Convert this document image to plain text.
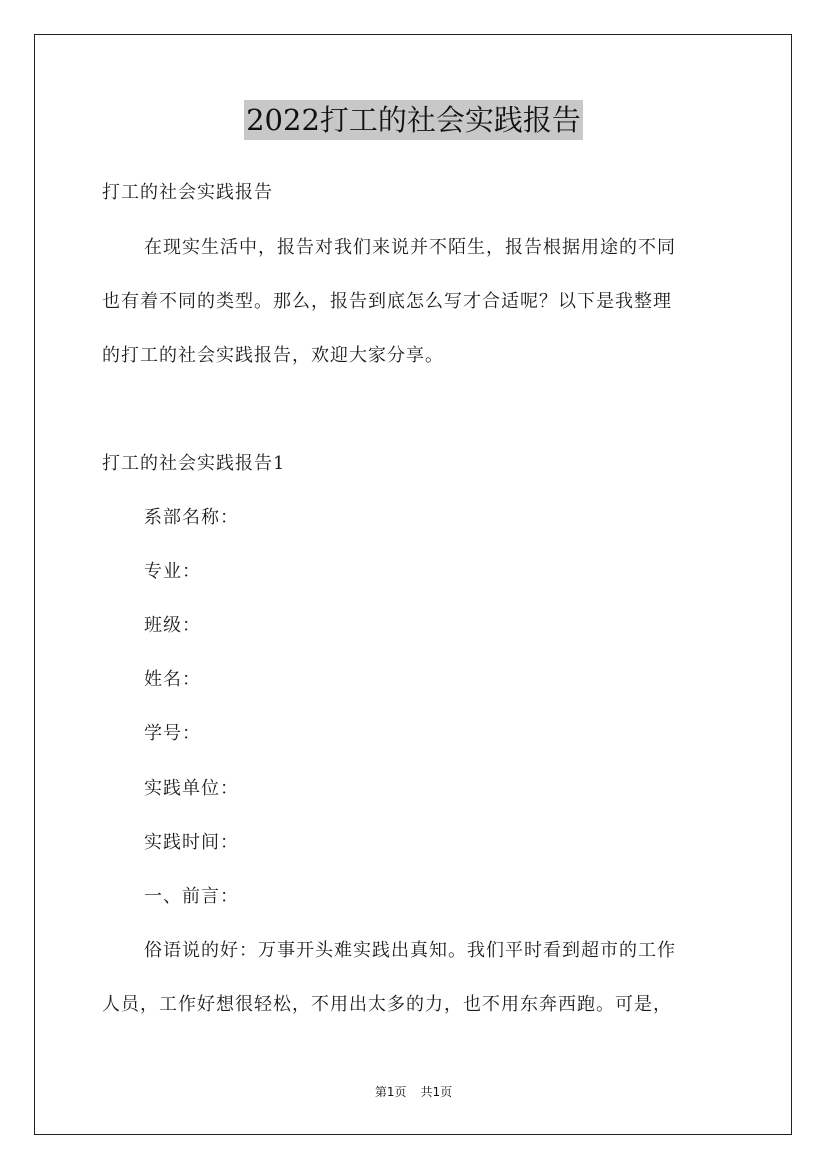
2022打工的社会实践报告
打工的社会实践报告
在现实生活中，报告对我们来说并不陌生，报告根据用途的不同
也有着不同的类型。那么，报告到底怎么写才合适呢？以下是我整理
的打工的社会实践报告，欢迎大家分享。
打工的社会实践报告1
系部名称：
专业：
班级：
姓名：
学号：
实践单位：
实践时间：
一、前言：
俗语说的好：万事开头难实践出真知。我们平时看到超市的工作
人员，工作好想很轻松，不用出太多的力，也不用东奔西跑。可是，
第1页 共1页
